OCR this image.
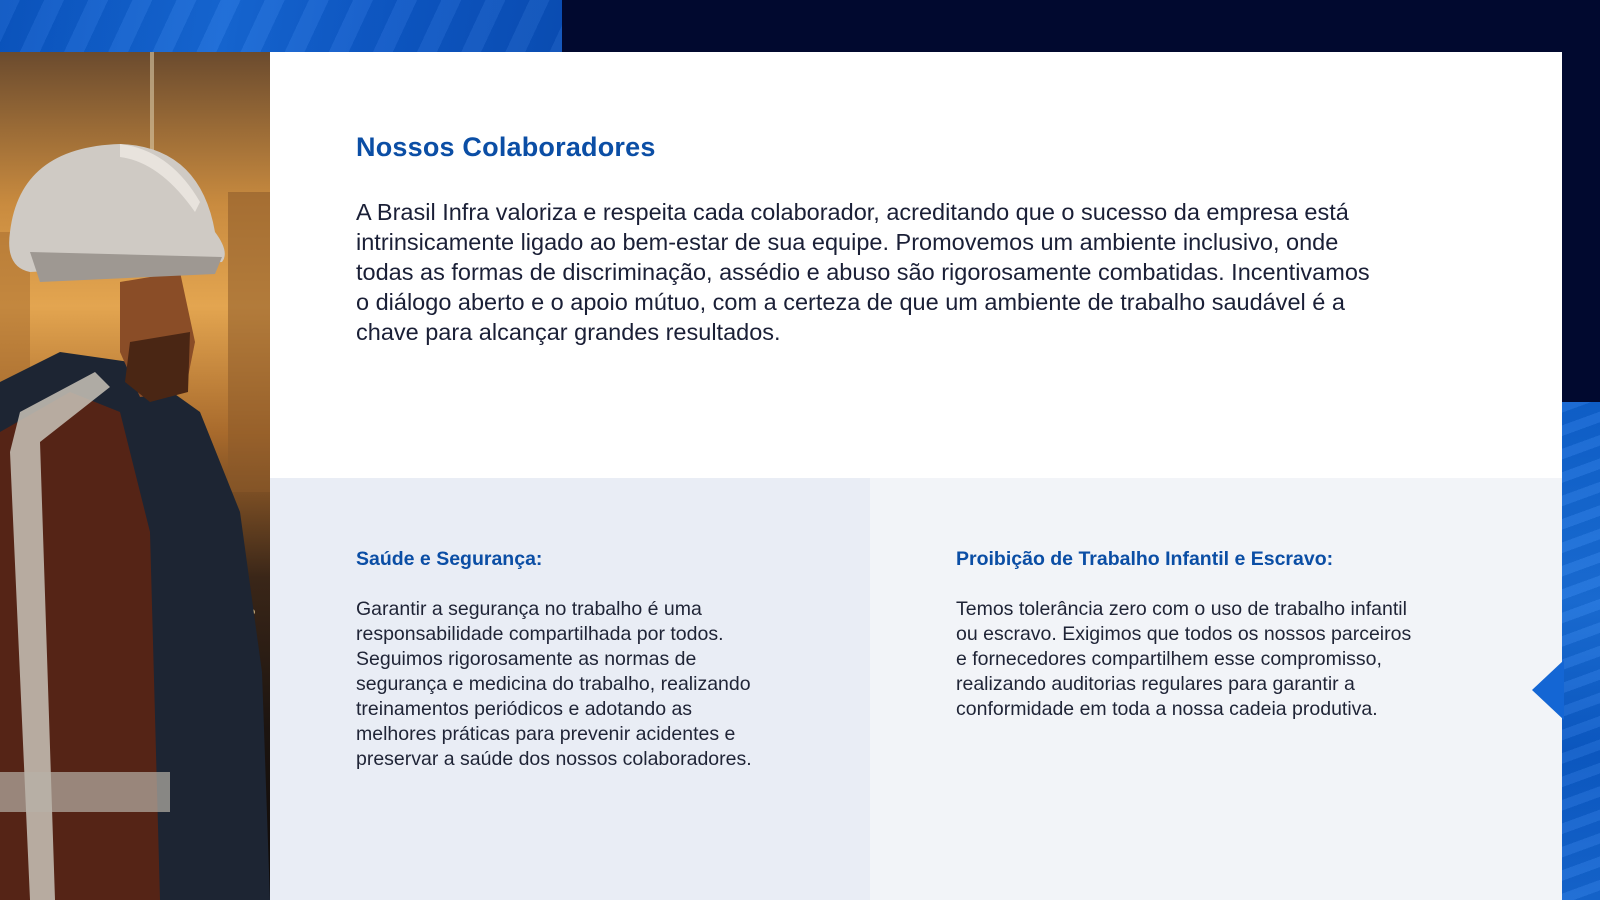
Nossos Colaboradores

A Brasil Infra valoriza e respeita cada colaborador, acreditando que o sucesso da empresa está intrinsicamente ligado ao bem-estar de sua equipe. Promovemos um ambiente inclusivo, onde todas as formas de discriminação, assédio e abuso são rigorosamente combatidas. Incentivamos o diálogo aberto e o apoio mútuo, com a certeza de que um ambiente de trabalho saudável é a chave para alcançar grandes resultados.

Saúde e Segurança:

Garantir a segurança no trabalho é uma responsabilidade compartilhada por todos. Seguimos rigorosamente as normas de segurança e medicina do trabalho, realizando treinamentos periódicos e adotando as melhores práticas para prevenir acidentes e preservar a saúde dos nossos colaboradores.

Proibição de Trabalho Infantil e Escravo:

Temos tolerância zero com o uso de trabalho infantil ou escravo. Exigimos que todos os nossos parceiros e fornecedores compartilhem esse compromisso, realizando auditorias regulares para garantir a conformidade em toda a nossa cadeia produtiva.
